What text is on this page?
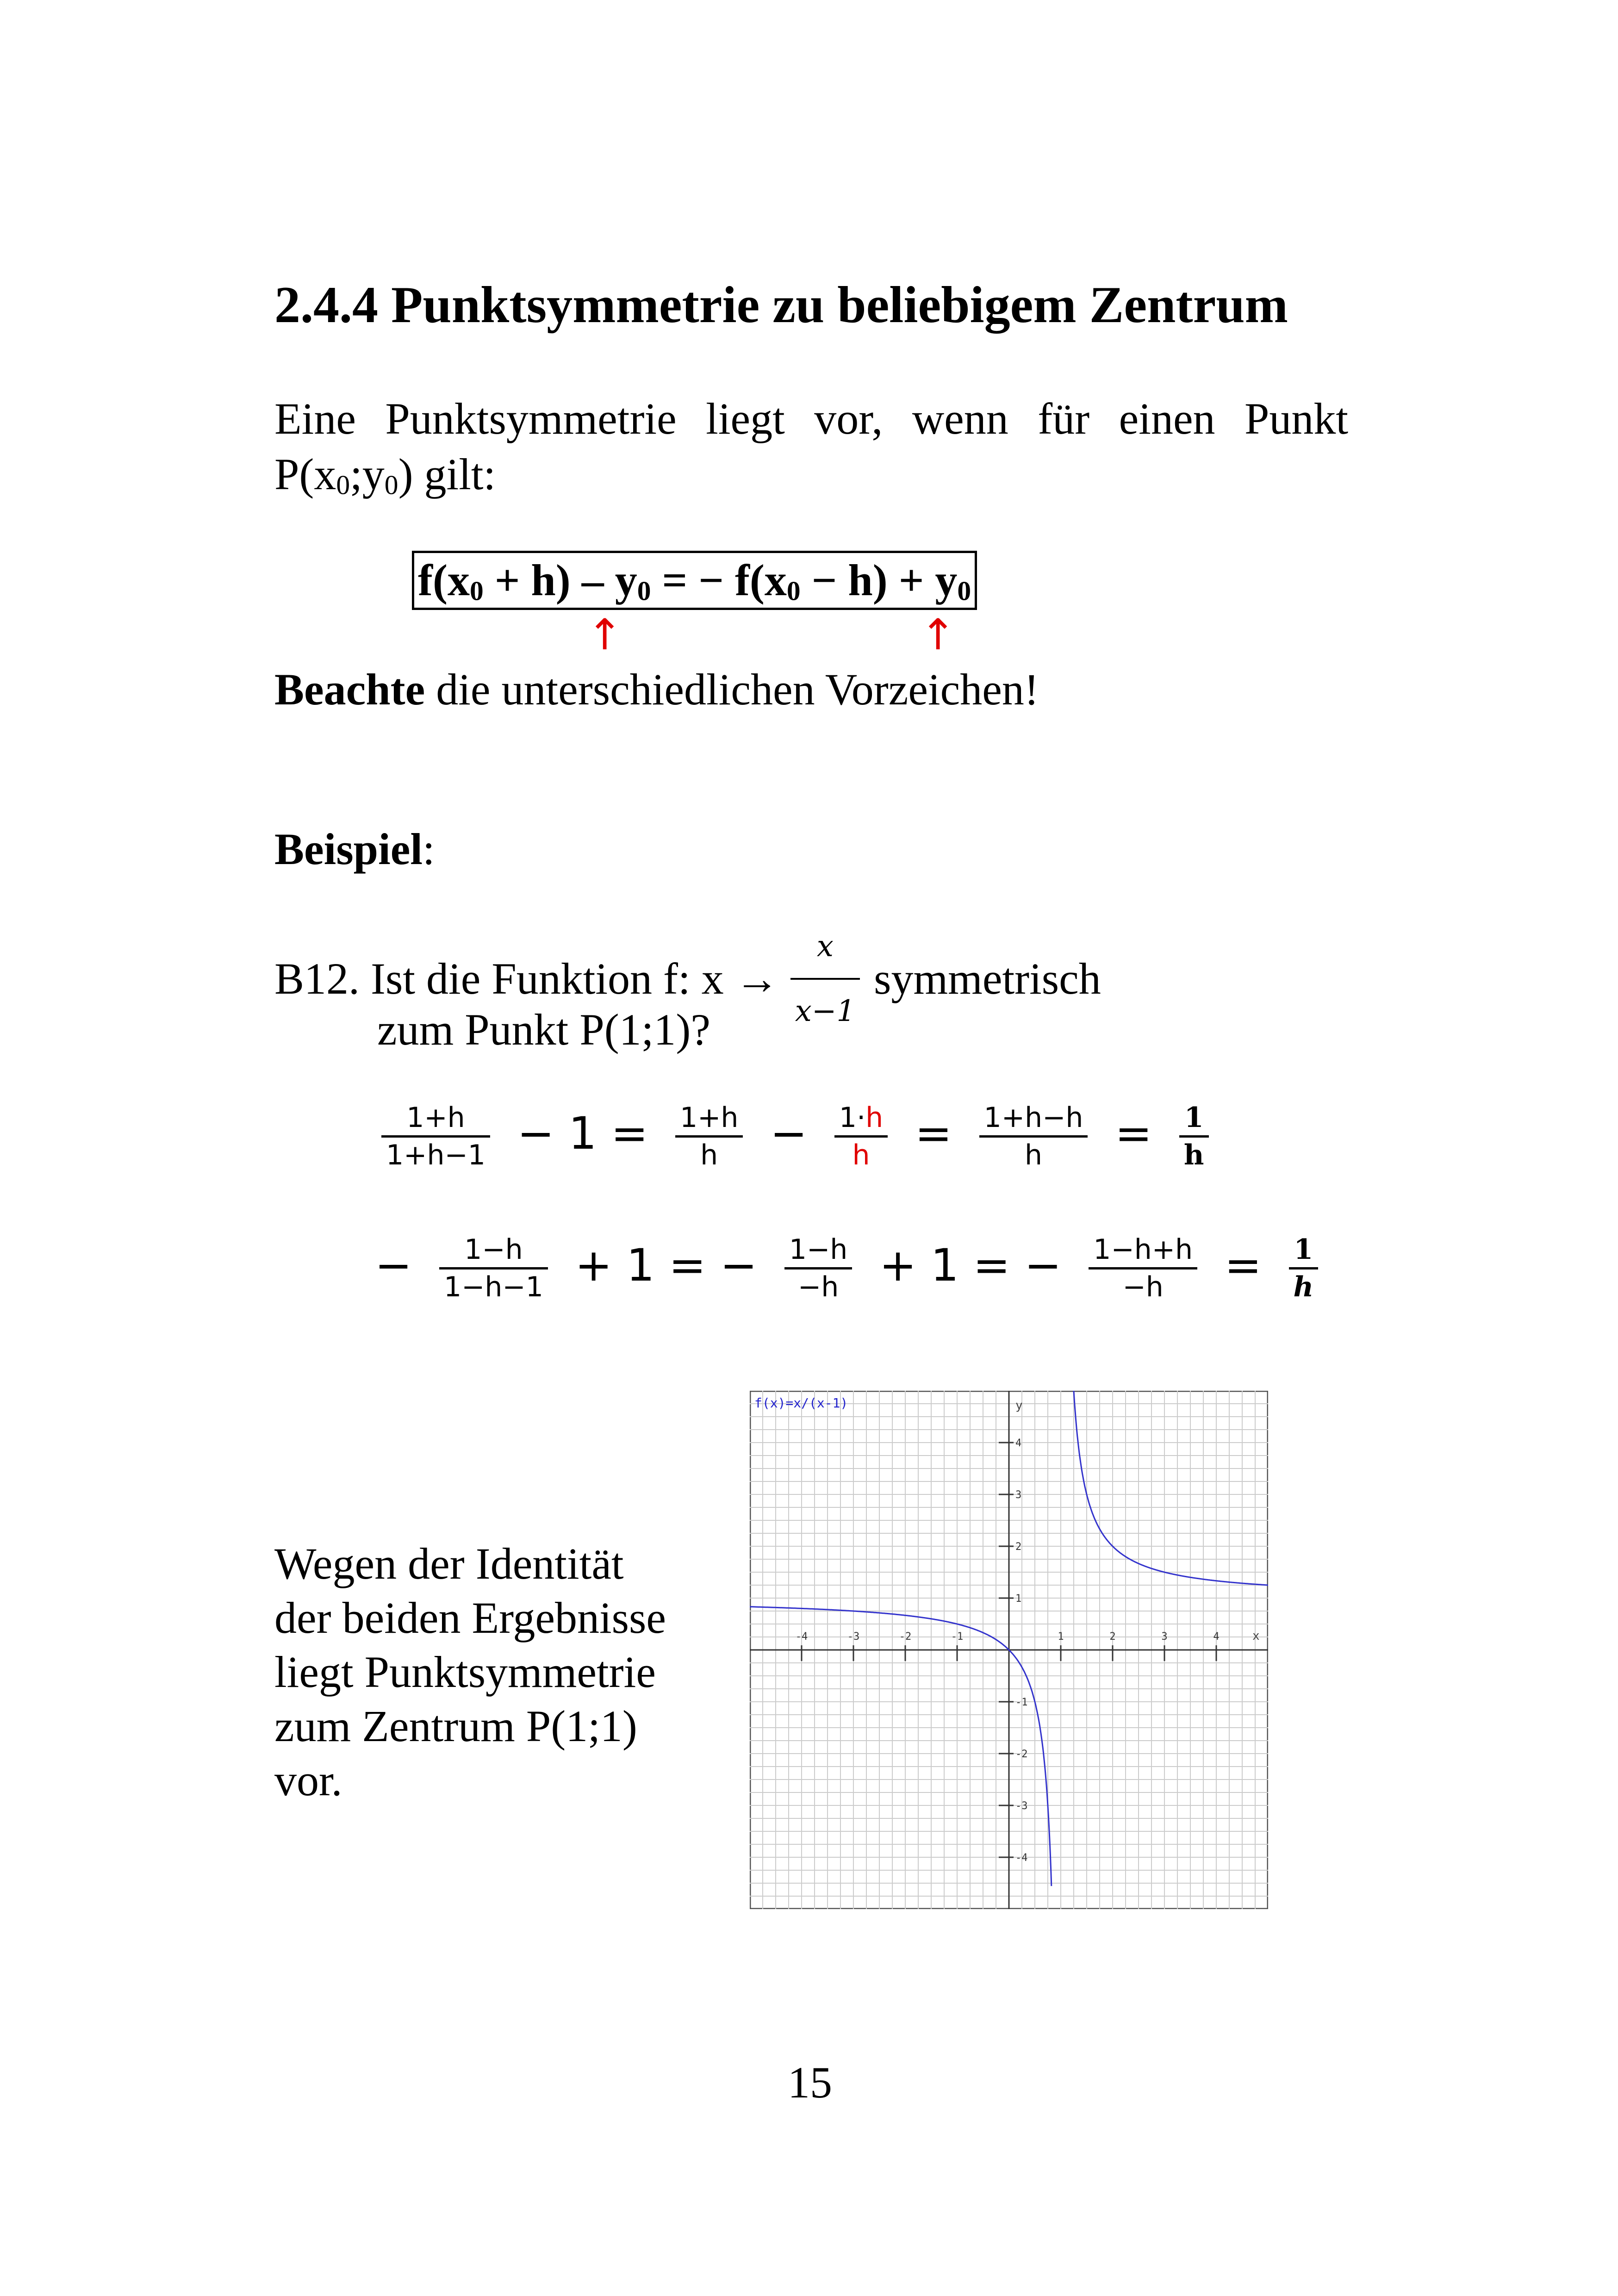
2.4.4 Punktsymmetrie zu beliebigem Zentrum
Eine Punktsymmetrie liegt vor, wenn für einen Punkt
$P(x_0;y_0)$ gilt:
$f(x_0 + h) - y_0$ = − $f(x_0 - h) + y_0$
↑	↑
Beachte die unterschiedlichen Vorzeichen!
Beispiel:
B12. Ist die Funktion f: $x \to \frac{x}{x-1}$ symmetrisch
zum Punkt P(1;1)?
$\frac{1+h}{1+h-1} - 1 = \frac{1+h}{h} - \frac{1\cdot h}{h} = \frac{1+h-h}{h} = \frac{1}{h}$
− $\frac{1-h}{1-h-1} + 1$ = − $\frac{1-h}{-h} + 1$ = − $\frac{1-h+h}{-h} = \frac{1}{h}$
Wegen der Identität
der beiden Ergebnisse
liegt Punktsymmetrie
zum Zentrum P(1;1)
vor.
-4	-3	-2	-1	1	2	3	4
4
3
2
1
-1
-2
-3
-4
f(x)=x/(x-1)	y
x
15
